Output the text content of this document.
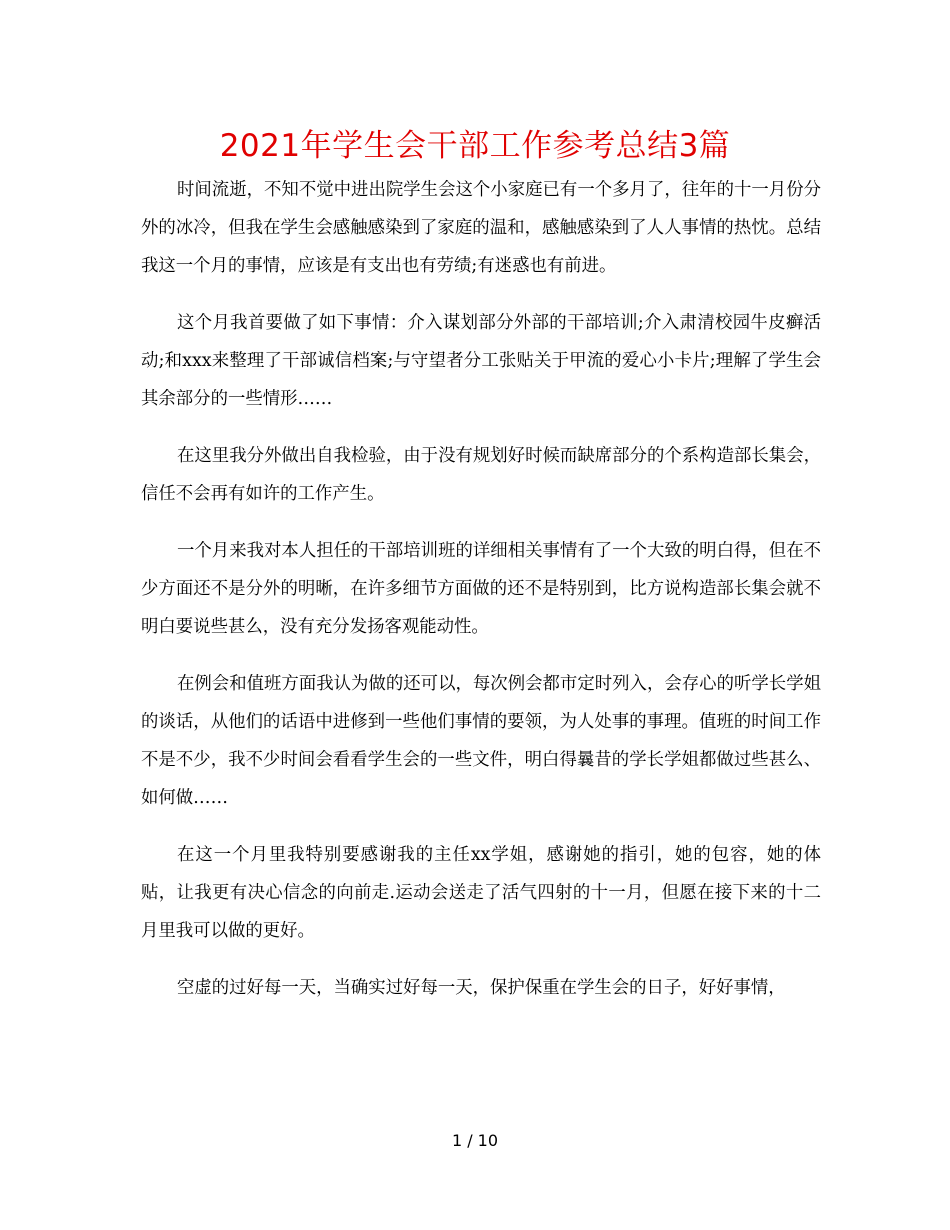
2021年学生会干部工作参考总结3篇

时间流逝，不知不觉中进出院学生会这个小家庭已有一个多月了，往年的十一月份分外的冰冷，但我在学生会感触感染到了家庭的温和，感触感染到了人人事情的热忱。总结我这一个月的事情，应该是有支出也有劳绩;有迷惑也有前进。

这个月我首要做了如下事情：介入谋划部分外部的干部培训;介入肃清校园牛皮癣活动;和xxx来整理了干部诚信档案;与守望者分工张贴关于甲流的爱心小卡片;理解了学生会其余部分的一些情形……

在这里我分外做出自我检验，由于没有规划好时候而缺席部分的个系构造部长集会，信任不会再有如许的工作产生。

一个月来我对本人担任的干部培训班的详细相关事情有了一个大致的明白得，但在不少方面还不是分外的明晰，在许多细节方面做的还不是特别到，比方说构造部长集会就不明白要说些甚么，没有充分发扬客观能动性。

在例会和值班方面我认为做的还可以，每次例会都市定时列入，会存心的听学长学姐的谈话，从他们的话语中进修到一些他们事情的要领，为人处事的事理。值班的时间工作不是不少，我不少时间会看看学生会的一些文件，明白得曩昔的学长学姐都做过些甚么、如何做……

在这一个月里我特别要感谢我的主任xx学姐，感谢她的指引，她的包容，她的体贴，让我更有决心信念的向前走.运动会送走了活气四射的十一月，但愿在接下来的十二月里我可以做的更好。

空虚的过好每一天，当确实过好每一天，保护保重在学生会的日子，好好事情，

1 / 10
